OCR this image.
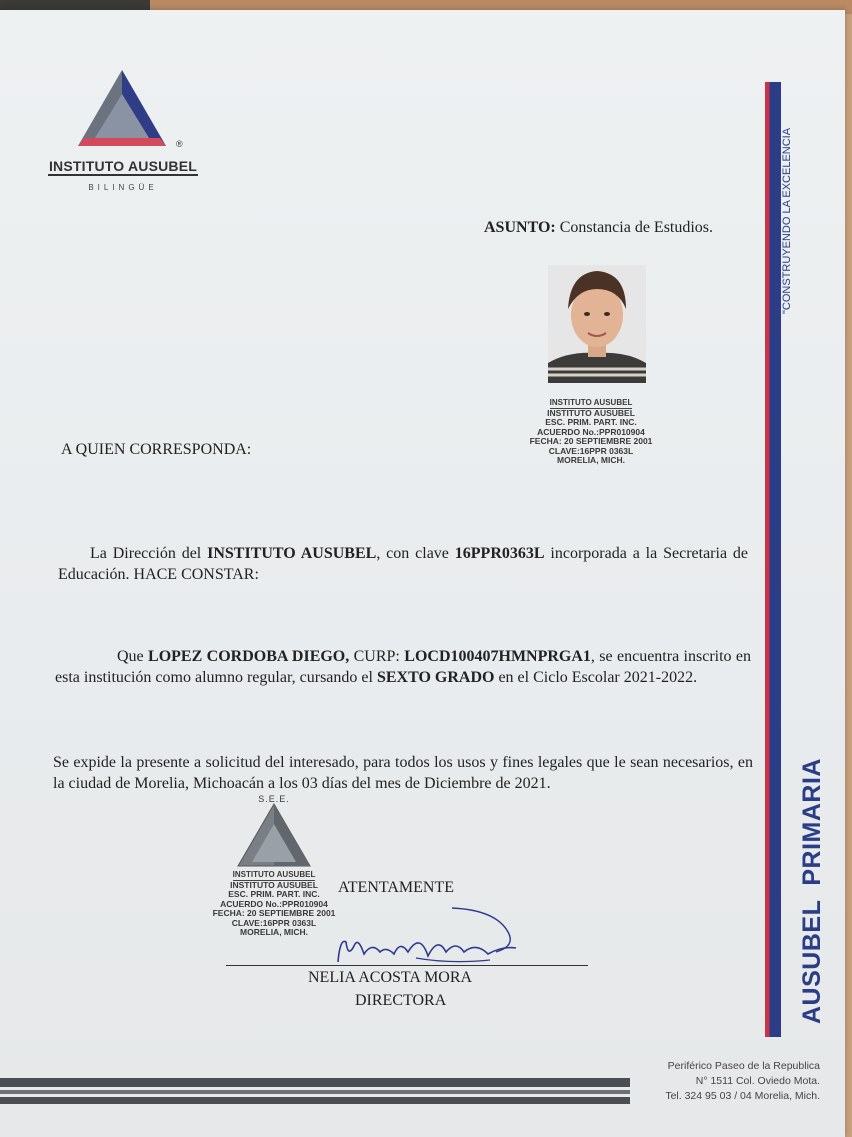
®
INSTITUTO AUSUBEL
BILINGÜE
ASUNTO: Constancia de Estudios.
INSTITUTO AUSUBEL
INSTITUTO AUSUBEL
ESC. PRIM. PART. INC.
ACUERDO No.:PPR010904
FECHA: 20 SEPTIEMBRE 2001
CLAVE:16PPR 0363L
MORELIA, MICH.
A QUIEN CORRESPONDA:

La Dirección del INSTITUTO AUSUBEL, con clave 16PPR0363L incorporada a la Secretaria de Educación. HACE CONSTAR:

Que LOPEZ CORDOBA DIEGO, CURP: LOCD100407HMNPRGA1, se encuentra inscrito en esta institución como alumno regular, cursando el SEXTO GRADO en el Ciclo Escolar 2021-2022.

Se expide la presente a solicitud del interesado, para todos los usos y fines legales que le sean necesarios, en la ciudad de Morelia, Michoacán a los 03 días del mes de Diciembre de 2021.

S.E.E.
INSTITUTO AUSUBEL
INSTITUTO AUSUBEL
ESC. PRIM. PART. INC.
ACUERDO No.:PPR010904
FECHA: 20 SEPTIEMBRE 2001
CLAVE:16PPR 0363L
MORELIA, MICH.
ATENTAMENTE
NELIA ACOSTA MORA
DIRECTORA
"CONSTRUYENDO LA EXCELENCIA
AUSUBELPRIMARIA
Periférico Paseo de la Republica
N° 1511 Col. Oviedo Mota.
Tel. 324 95 03 / 04 Morelia, Mich.
